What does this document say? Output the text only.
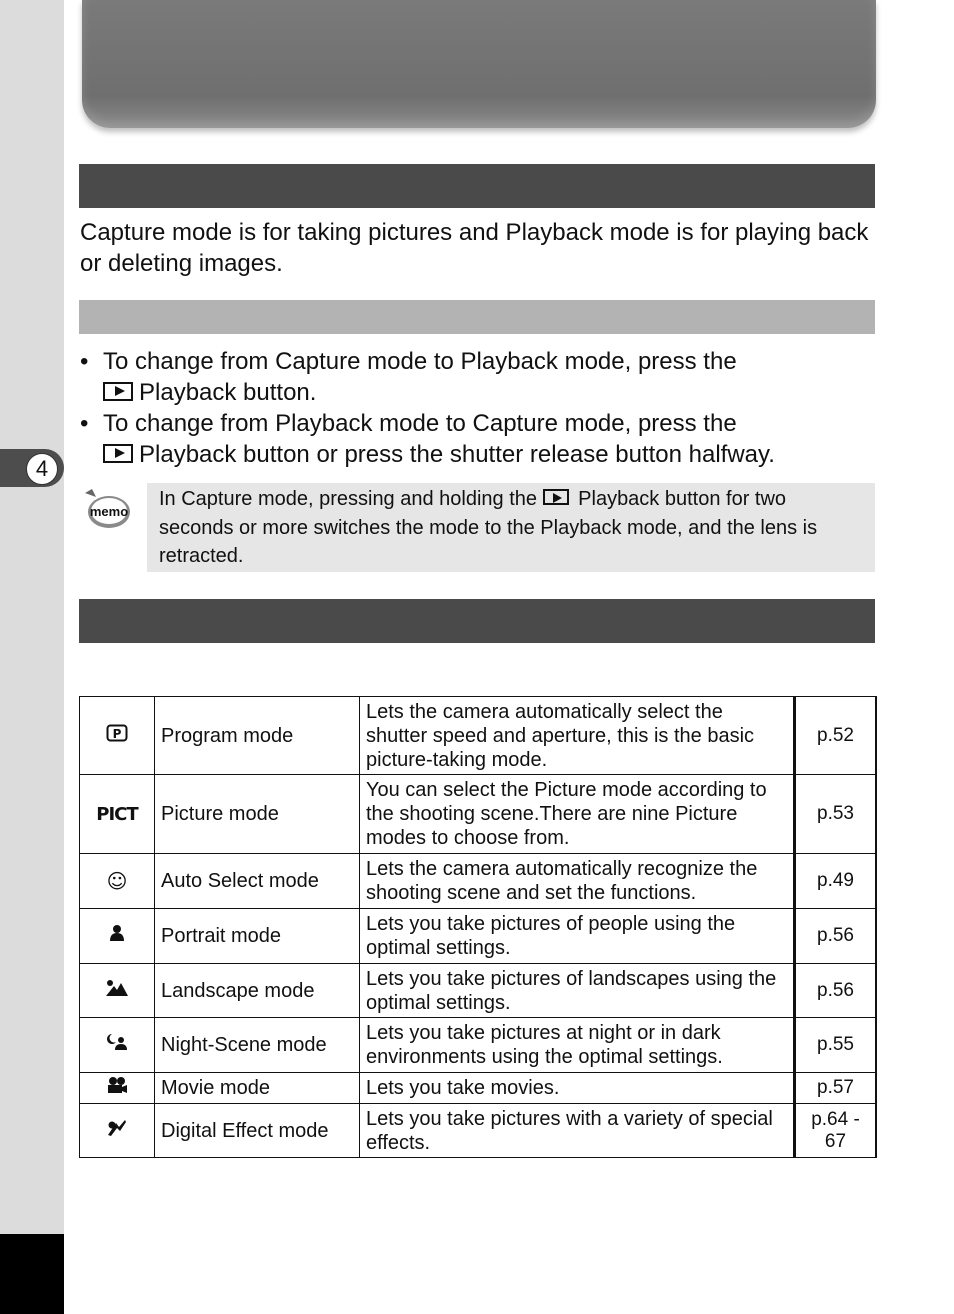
4

Capture mode is for taking pictures and Playback mode is for playing back or deleting images.

• To change from Capture mode to Playback mode, press the
Playback button.
• To change from Playback mode to Capture mode, press the
Playback button or press the shutter release button halfway.
memo
In Capture mode, pressing and holding the Playback button for two seconds or more switches the mode to the Playback mode, and the lens is retracted.
P	Program mode	Lets the camera automatically select the shutter speed and aperture, this is the basic picture-taking mode.	p.52
PICT	Picture mode	You can select the Picture mode according to the shooting scene.There are nine Picture modes to choose from.	p.53
☺	Auto Select mode	Lets the camera automatically recognize the shooting scene and set the functions.	p.49

	Portrait mode	Lets you take pictures of people using the optimal settings.	p.56

	Landscape mode	Lets you take pictures of landscapes using the optimal settings.	p.56

	Night-Scene mode	Lets you take pictures at night or in dark environments using the optimal settings.	p.55

	Movie mode	Lets you take movies.	p.57

	Digital Effect mode	Lets you take pictures with a variety of special effects.	p.64 - 67
